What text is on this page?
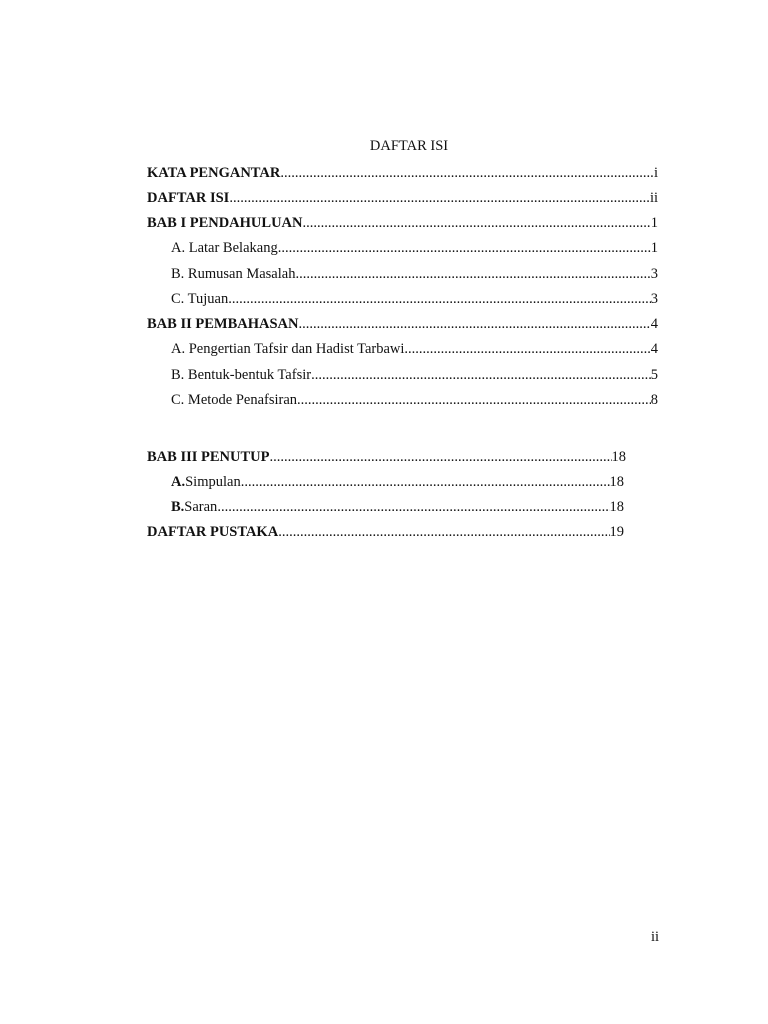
DAFTAR ISI
KATA PENGANTAR .....	i
DAFTAR ISI .....	ii
BAB I PENDAHULUAN .....	1
A. Latar Belakang .....	1
B. Rumusan Masalah .....	3
C. Tujuan .....	3
BAB II PEMBAHASAN .....	4
A. Pengertian Tafsir dan Hadist Tarbawi .....	4
B. Bentuk-bentuk Tafsir .....	5
C. Metode Penafsiran .....	8
BAB III PENUTUP .....	18
A. Simpulan .....	18
B. Saran .....	18
DAFTAR PUSTAKA .....	19
ii
